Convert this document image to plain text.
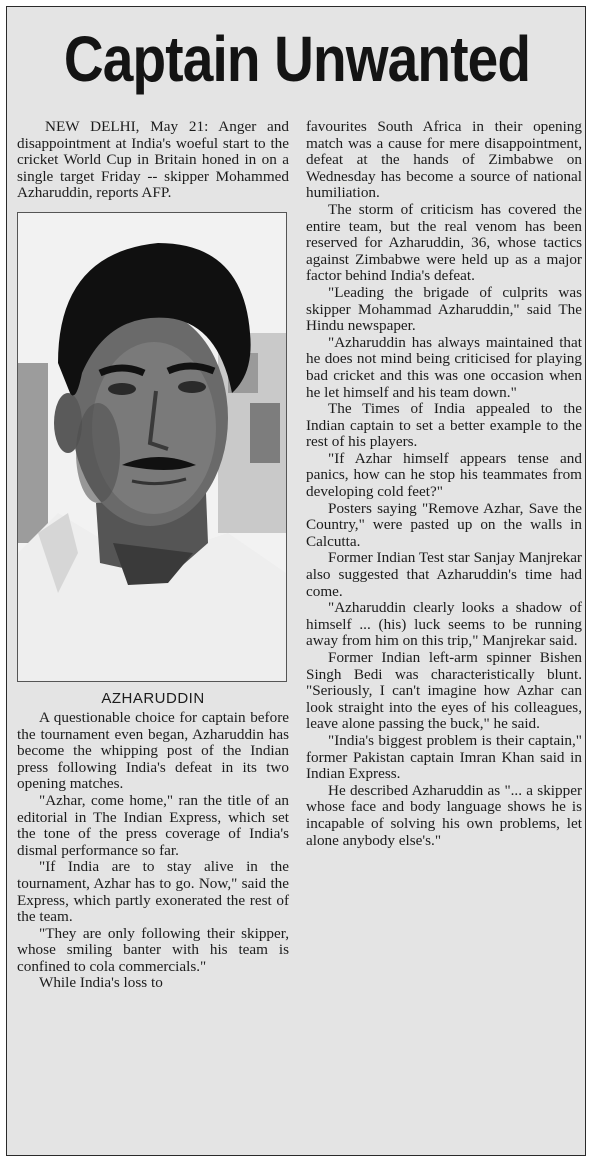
Captain Unwanted

NEW DELHI, May 21: Anger and disappointment at India's woeful start to the cricket World Cup in Britain honed in on a single target Friday -- skipper Mohammed Azharuddin, reports AFP.

AZHARUDDIN

A questionable choice for captain before the tournament even began, Azharuddin has become the whipping post of the Indian press following India's defeat in its two opening matches.

"Azhar, come home," ran the title of an editorial in The Indian Express, which set the tone of the press coverage of India's dismal performance so far.

"If India are to stay alive in the tournament, Azhar has to go. Now," said the Express, which partly exonerated the rest of the team.

"They are only following their skipper, whose smiling banter with his team is confined to cola commercials."

While India's loss to

favourites South Africa in their opening match was a cause for mere disappointment, defeat at the hands of Zimbabwe on Wednesday has become a source of national humiliation.

The storm of criticism has covered the entire team, but the real venom has been reserved for Azharuddin, 36, whose tactics against Zimbabwe were held up as a major factor behind India's defeat.

"Leading the brigade of culprits was skipper Mohammad Azharuddin," said The Hindu newspaper.

"Azharuddin has always maintained that he does not mind being criticised for playing bad cricket and this was one occasion when he let himself and his team down."

The Times of India appealed to the Indian captain to set a better example to the rest of his players.

"If Azhar himself appears tense and panics, how can he stop his teammates from developing cold feet?"

Posters saying "Remove Azhar, Save the Country," were pasted up on the walls in Calcutta.

Former Indian Test star Sanjay Manjrekar also suggested that Azharuddin's time had come.

"Azharuddin clearly looks a shadow of himself ... (his) luck seems to be running away from him on this trip," Manjrekar said.

Former Indian left-arm spinner Bishen Singh Bedi was characteristically blunt. "Seriously, I can't imagine how Azhar can look straight into the eyes of his colleagues, leave alone passing the buck," he said.

"India's biggest problem is their captain," former Pakistan captain Imran Khan said in Indian Express.

He described Azharuddin as "... a skipper whose face and body language shows he is incapable of solving his own problems, let alone anybody else's."
